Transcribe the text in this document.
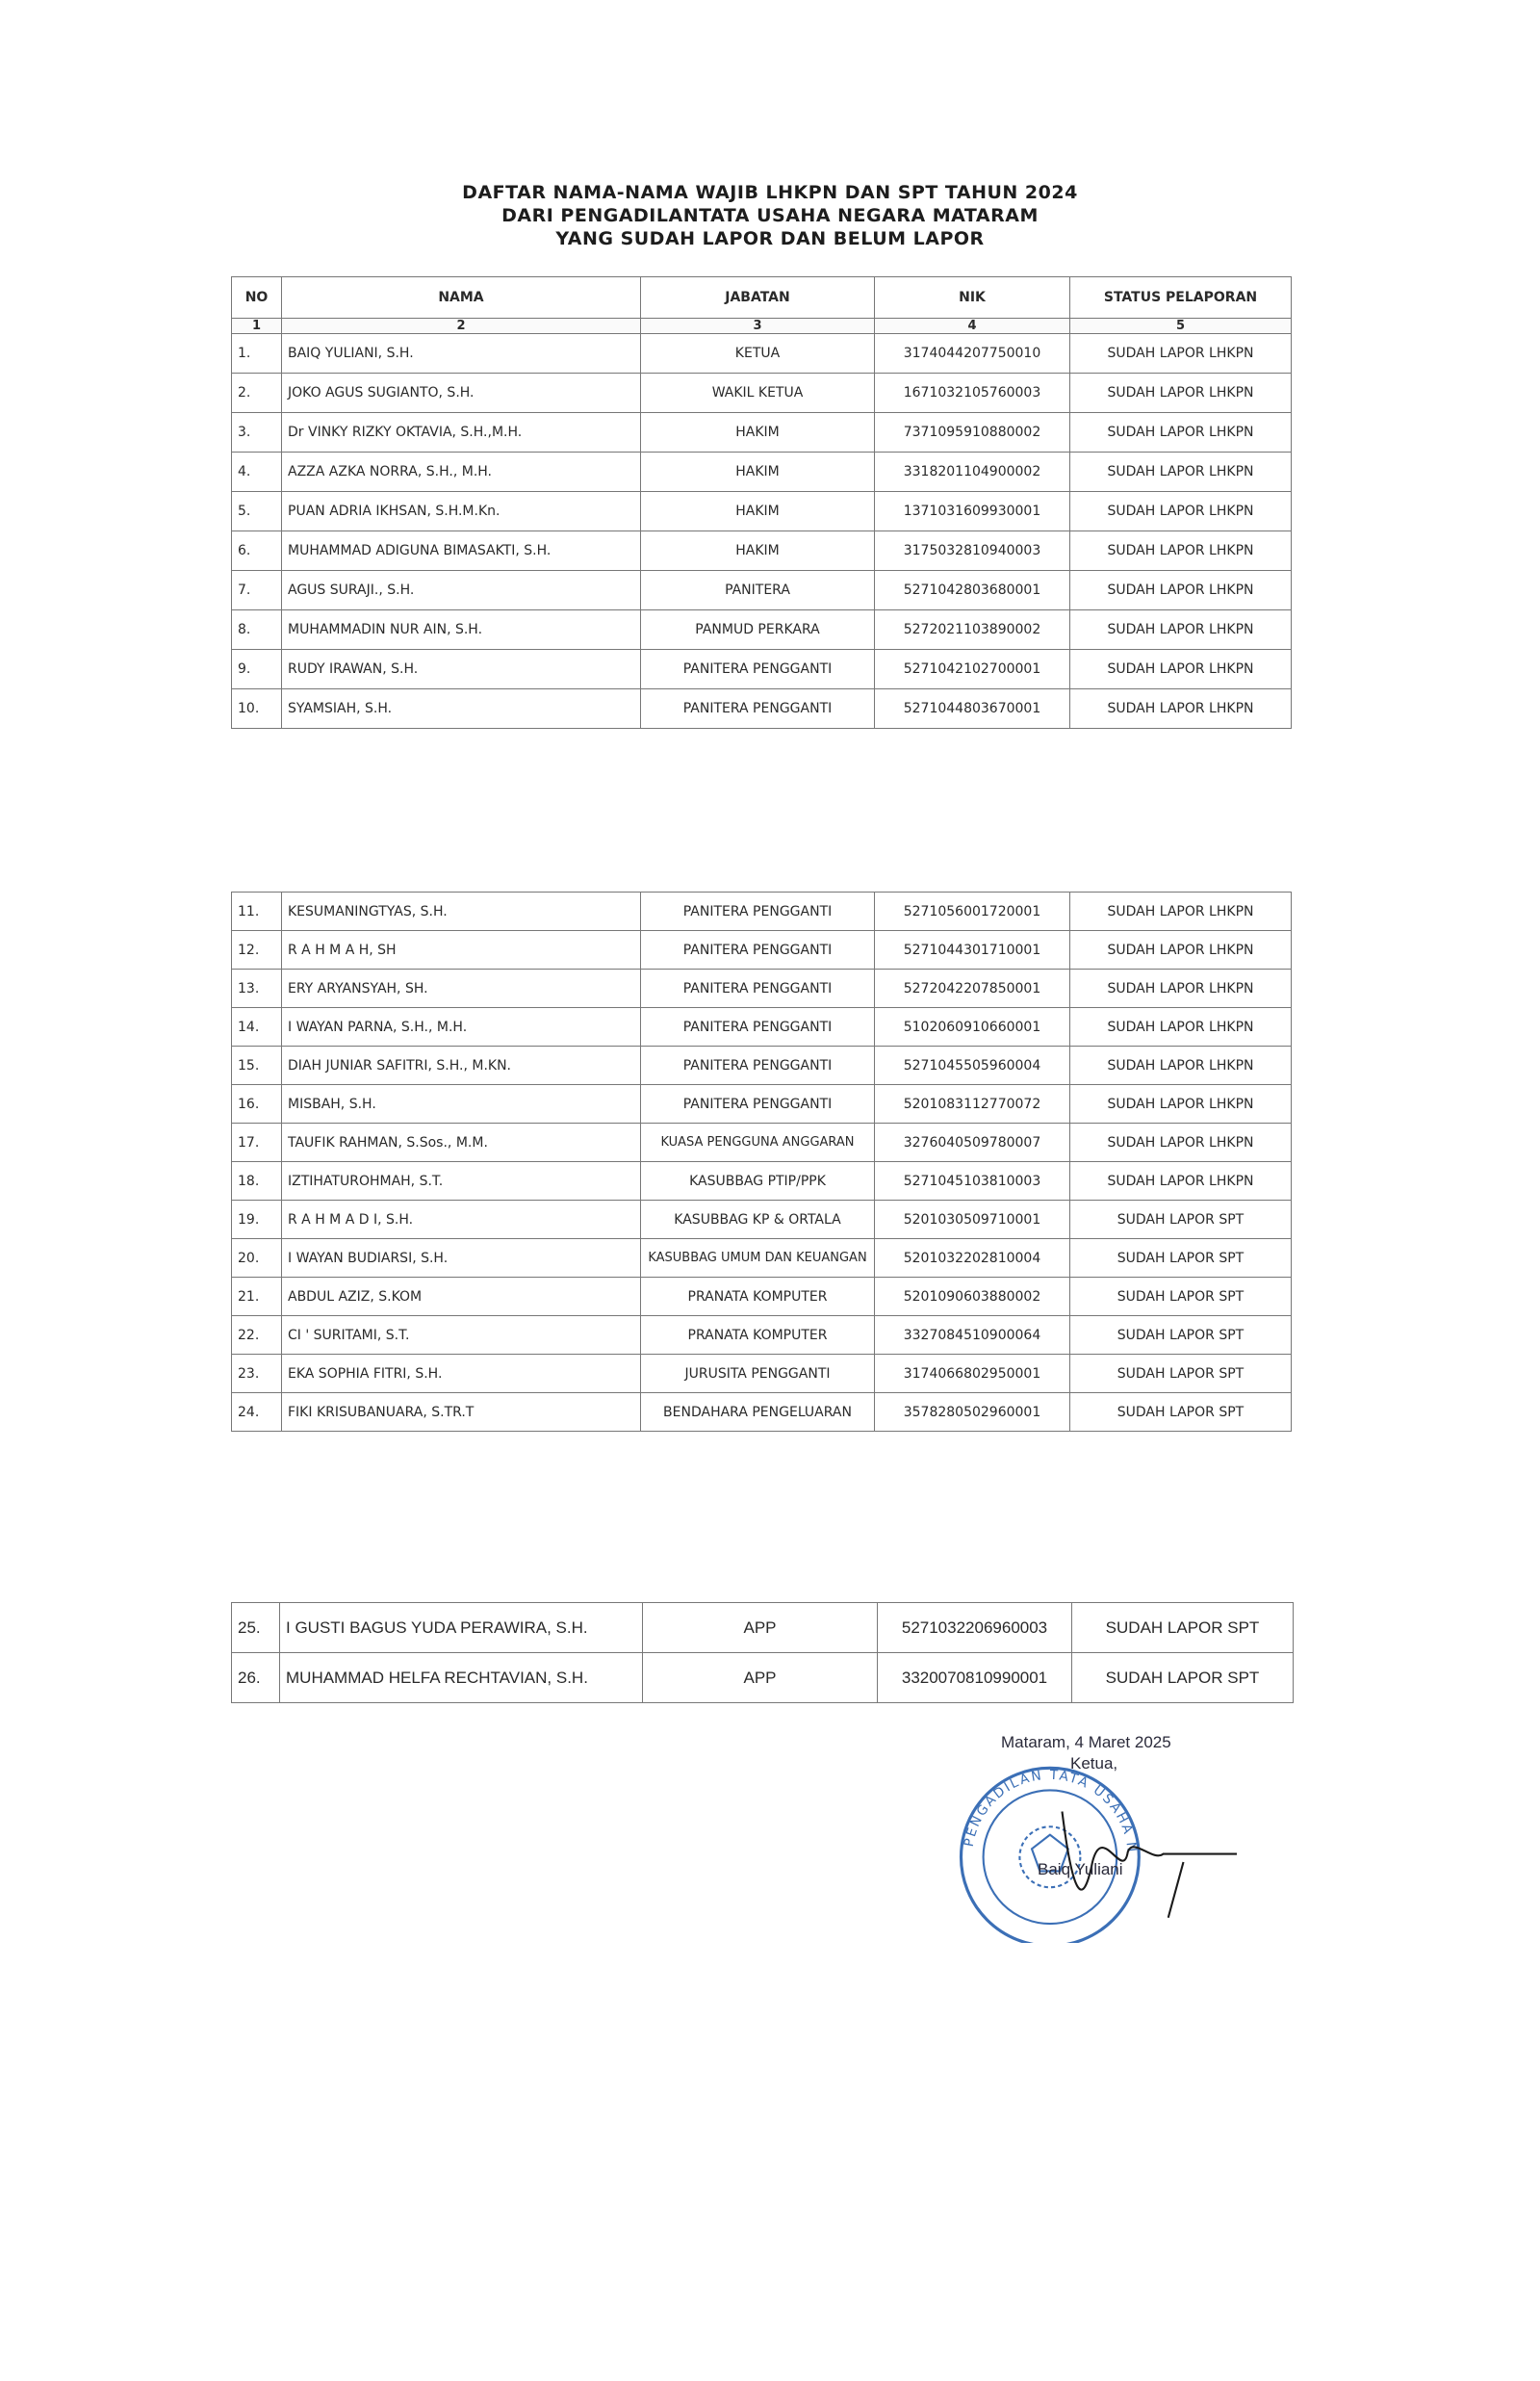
DAFTAR NAMA-NAMA WAJIB LHKPN DAN SPT TAHUN 2024
DARI PENGADILANTATA USAHA NEGARA MATARAM
YANG SUDAH LAPOR DAN BELUM LAPOR
NO	NAMA	JABATAN	NIK	STATUS PELAPORAN
1	2	3	4	5
1.	BAIQ YULIANI, S.H.	KETUA	3174044207750010	SUDAH LAPOR LHKPN
2.	JOKO AGUS SUGIANTO, S.H.	WAKIL KETUA	1671032105760003	SUDAH LAPOR LHKPN
3.	Dr VINKY RIZKY OKTAVIA, S.H.,M.H.	HAKIM	7371095910880002	SUDAH LAPOR LHKPN
4.	AZZA AZKA NORRA, S.H., M.H.	HAKIM	3318201104900002	SUDAH LAPOR LHKPN
5.	PUAN ADRIA IKHSAN, S.H.M.Kn.	HAKIM	1371031609930001	SUDAH LAPOR LHKPN
6.	MUHAMMAD ADIGUNA BIMASAKTI, S.H.	HAKIM	3175032810940003	SUDAH LAPOR LHKPN
7.	AGUS SURAJI., S.H.	PANITERA	5271042803680001	SUDAH LAPOR LHKPN
8.	MUHAMMADIN NUR AIN, S.H.	PANMUD PERKARA	5272021103890002	SUDAH LAPOR LHKPN
9.	RUDY IRAWAN, S.H.	PANITERA PENGGANTI	5271042102700001	SUDAH LAPOR LHKPN
10.	SYAMSIAH, S.H.	PANITERA PENGGANTI	5271044803670001	SUDAH LAPOR LHKPN
11.	KESUMANINGTYAS, S.H.	PANITERA PENGGANTI	5271056001720001	SUDAH LAPOR LHKPN
12.	R A H M A H, SH	PANITERA PENGGANTI	5271044301710001	SUDAH LAPOR LHKPN
13.	ERY ARYANSYAH, SH.	PANITERA PENGGANTI	5272042207850001	SUDAH LAPOR LHKPN
14.	I WAYAN PARNA, S.H., M.H.	PANITERA PENGGANTI	5102060910660001	SUDAH LAPOR LHKPN
15.	DIAH JUNIAR SAFITRI, S.H., M.KN.	PANITERA PENGGANTI	5271045505960004	SUDAH LAPOR LHKPN
16.	MISBAH, S.H.	PANITERA PENGGANTI	5201083112770072	SUDAH LAPOR LHKPN
17.	TAUFIK RAHMAN, S.Sos., M.M.	KUASA PENGGUNA ANGGARAN	3276040509780007	SUDAH LAPOR LHKPN
18.	IZTIHATUROHMAH, S.T.	KASUBBAG PTIP/PPK	5271045103810003	SUDAH LAPOR LHKPN
19.	R A H M A D I, S.H.	KASUBBAG KP & ORTALA	5201030509710001	SUDAH LAPOR SPT
20.	I WAYAN BUDIARSI, S.H.	KASUBBAG UMUM DAN KEUANGAN	5201032202810004	SUDAH LAPOR SPT
21.	ABDUL AZIZ, S.KOM	PRANATA KOMPUTER	5201090603880002	SUDAH LAPOR SPT
22.	CI ' SURITAMI, S.T.	PRANATA KOMPUTER	3327084510900064	SUDAH LAPOR SPT
23.	EKA SOPHIA FITRI, S.H.	JURUSITA PENGGANTI	3174066802950001	SUDAH LAPOR SPT
24.	FIKI KRISUBANUARA, S.TR.T	BENDAHARA PENGELUARAN	3578280502960001	SUDAH LAPOR SPT
25.	I GUSTI BAGUS YUDA PERAWIRA, S.H.	APP	5271032206960003	SUDAH LAPOR SPT
26.	MUHAMMAD HELFA RECHTAVIAN, S.H.	APP	3320070810990001	SUDAH LAPOR SPT
PENGADILAN TATA USAHA NEGARA
Mataram, 4 Maret 2025
Ketua,
Baiq Yuliani
